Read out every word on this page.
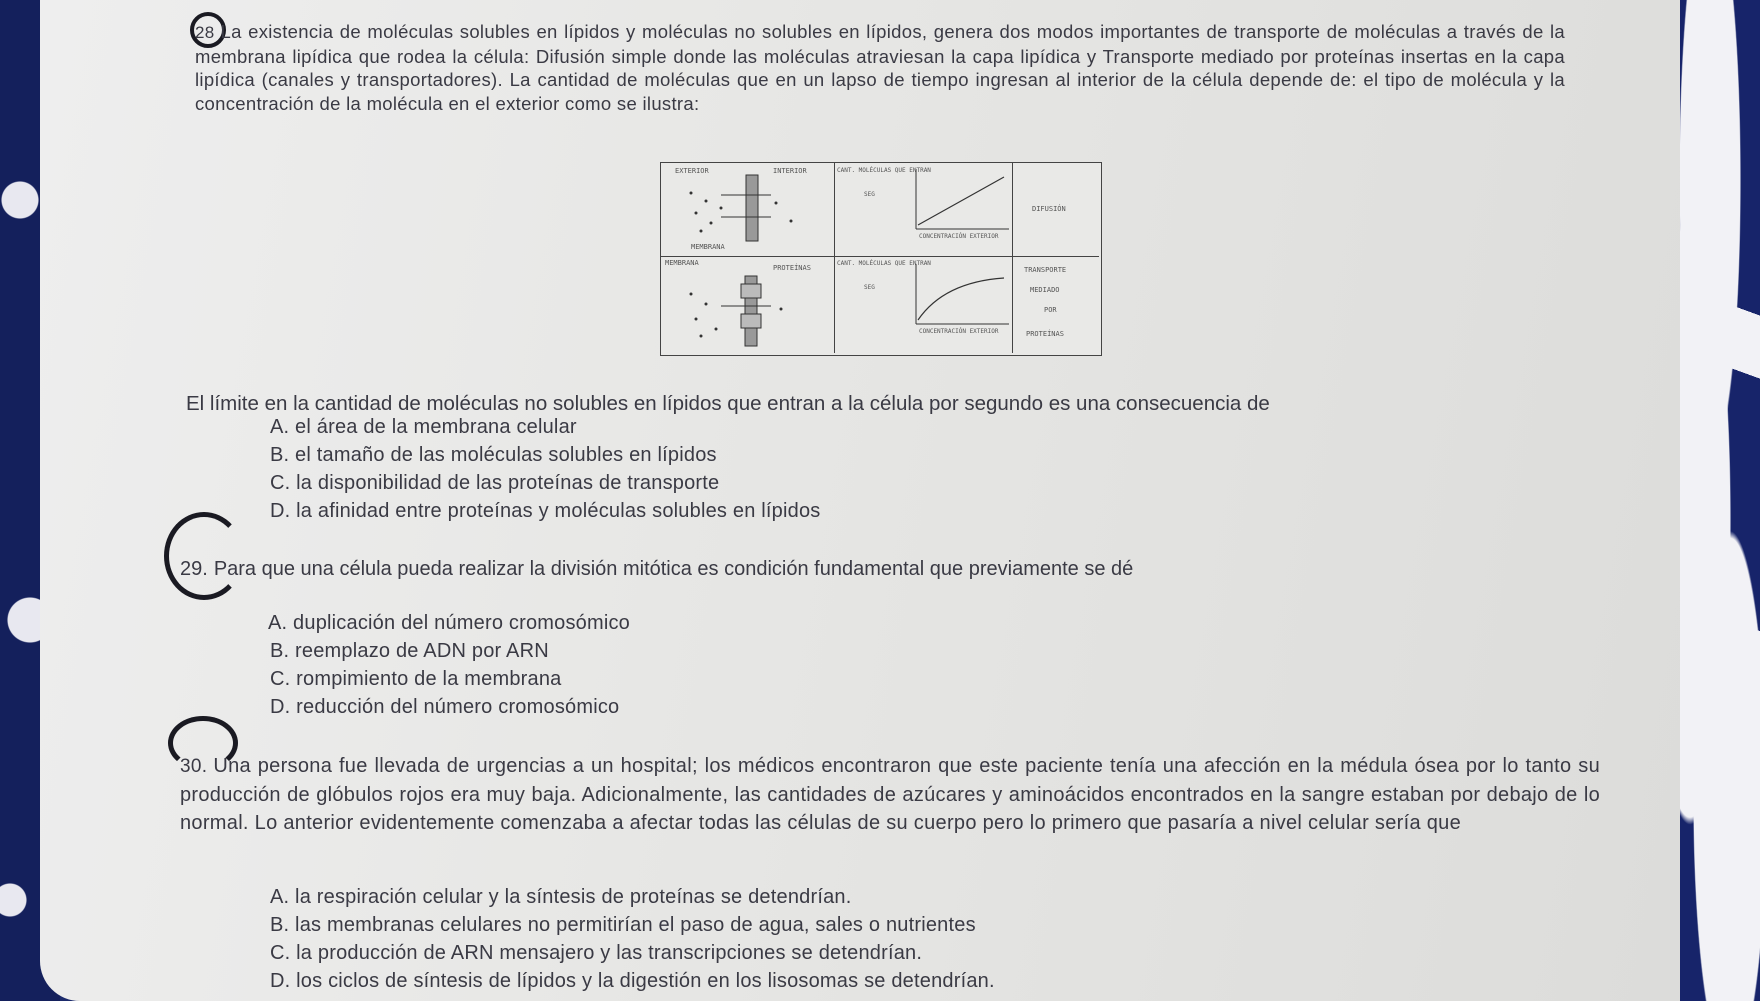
28 La existencia de moléculas solubles en lípidos y moléculas no solubles en lípidos, genera dos modos importantes de transporte de moléculas a través de la membrana lipídica que rodea la célula: Difusión simple donde las moléculas atraviesan la capa lipídica y Transporte mediado por proteínas insertas en la capa lipídica (canales y transportadores). La cantidad de moléculas que en un lapso de tiempo ingresan al interior de la célula depende de: el tipo de molécula y la concentración de la molécula en el exterior como se ilustra:
EXTERIOR	INTERIOR
MEMBRANA
CANT. MOLÉCULAS QUE ENTRAN
SEG
CONCENTRACIÓN EXTERIOR
DIFUSIÓN
MEMBRANA
PROTEÍNAS
CANT. MOLÉCULAS QUE ENTRAN
SEG
CONCENTRACIÓN EXTERIOR
TRANSPORTE
MEDIADO
POR
PROTEÍNAS
El límite en la cantidad de moléculas no solubles en lípidos que entran a la célula por segundo es una consecuencia de
A. el área de la membrana celular
B. el tamaño de las moléculas solubles en lípidos
C. la disponibilidad de las proteínas de transporte
D. la afinidad entre proteínas y moléculas solubles en lípidos
29. Para que una célula pueda realizar la división mitótica es condición fundamental que previamente se dé
A. duplicación del número cromosómico
B. reemplazo de ADN por ARN
C. rompimiento de la membrana
D. reducción del número cromosómico
30. Una persona fue llevada de urgencias a un hospital; los médicos encontraron que este paciente tenía una afección en la médula ósea por lo tanto su producción de glóbulos rojos era muy baja. Adicionalmente, las cantidades de azúcares y aminoácidos encontrados en la sangre estaban por debajo de lo normal. Lo anterior evidentemente comenzaba a afectar todas las células de su cuerpo pero lo primero que pasaría a nivel celular sería que
A. la respiración celular y la síntesis de proteínas se detendrían.
B. las membranas celulares no permitirían el paso de agua, sales o nutrientes
C. la producción de ARN mensajero y las transcripciones se detendrían.
D. los ciclos de síntesis de lípidos y la digestión en los lisosomas se detendrían.
